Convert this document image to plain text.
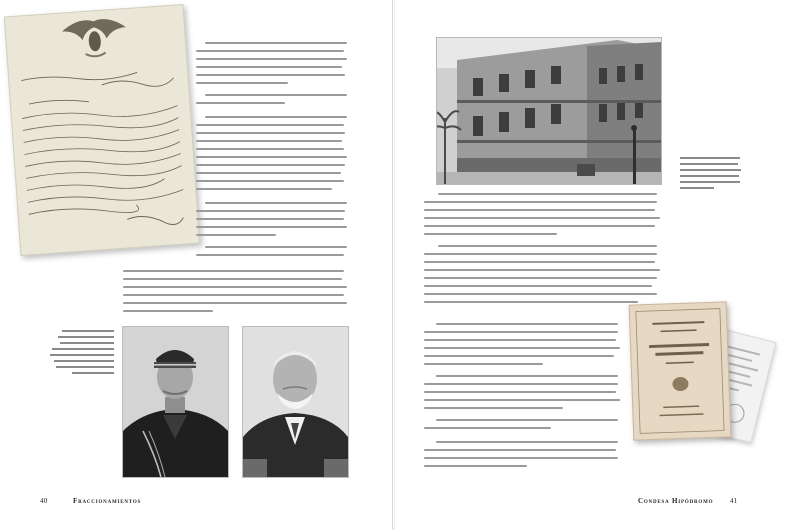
40	Fraccionamientos	Condesa Hipódromo 41
